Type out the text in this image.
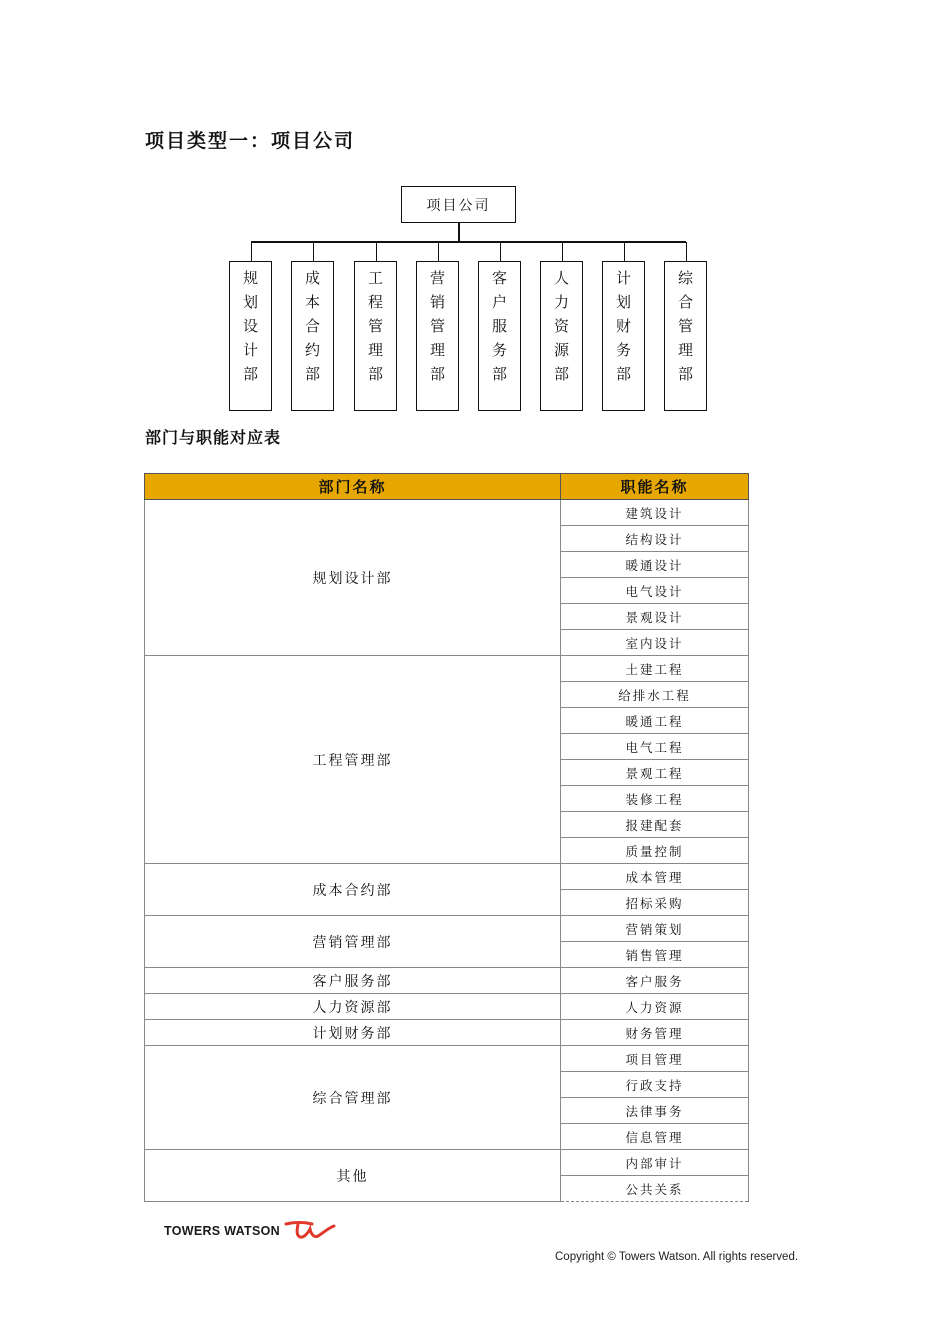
项目类型一：项目公司
项目公司
规划设计部	成本合约部	工程管理部	营销管理部	客户服务部	人力资源部	计划财务部	综合管理部
部门与职能对应表
部门名称	职能名称
规划设计部	建筑设计
	结构设计
	暖通设计
	电气设计
	景观设计
	室内设计
工程管理部	土建工程
	给排水工程
	暖通工程
	电气工程
	景观工程
	装修工程
	报建配套
	质量控制
成本合约部	成本管理
	招标采购
营销管理部	营销策划
	销售管理
客户服务部	客户服务
人力资源部	人力资源
计划财务部	财务管理
综合管理部	项目管理
	行政支持
	法律事务
	信息管理
其他	内部审计
	公共关系
TOWERS WATSON
Copyright © Towers Watson. All rights reserved.
